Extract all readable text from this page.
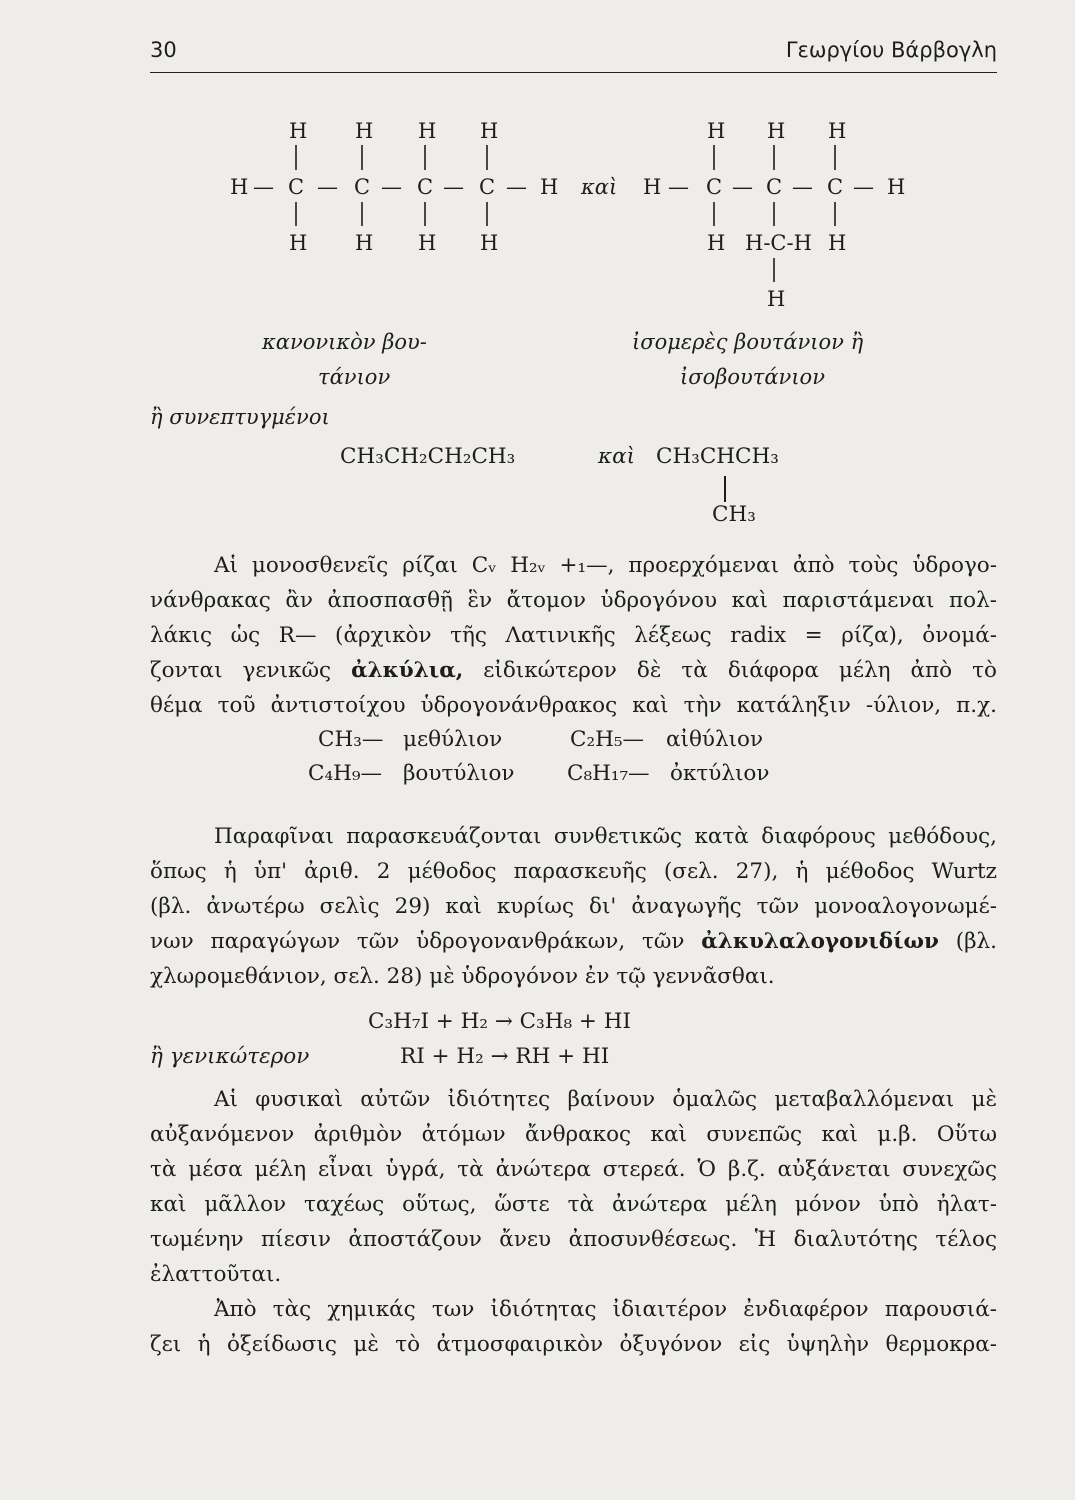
30	Γεωργίου Βάρβογλη
H H H H
H — C — C — C — C — H
H H H H
καὶ
H H H
H — C — C — C — H
H H-C-H H
H
κανονικὸν βου-
τάνιον
ἰσομερὲς βουτάνιον ἢ
ἰσοβουτάνιον
ἢ συνεπτυγμένοι
CH₃CH₂CH₂CH₃	καὶ CH₃CHCH₃
CH₃
Αἱ μονοσθενεῖς ρίζαι Cᵥ H₂ᵥ +₁—, προερχόμεναι ἀπὸ τοὺς ὑδρογο-
νάνθρακας ἂν ἀποσπασθῇ ἓν ἄτομον ὑδρογόνου καὶ παριστάμεναι πολ-
λάκις ὡς R— (ἀρχικὸν τῆς Λατινικῆς λέξεως radix = ρίζα), ὀνομά-
ζονται γενικῶς ἀλκύλια, εἰδικώτερον δὲ τὰ διάφορα μέλη ἀπὸ τὸ
θέμα τοῦ ἀντιστοίχου ὑδρογονάνθρακος καὶ τὴν κατάληξιν -ύλιον, π.χ.
CH₃— μεθύλιον	C₂H₅— αἰθύλιον
C₄H₉— βουτύλιον C₈H₁₇— ὀκτύλιον
Παραφῖναι παρασκευάζονται συνθετικῶς κατὰ διαφόρους μεθόδους,
ὅπως ἡ ὑπ' ἀριθ. 2 μέθοδος παρασκευῆς (σελ. 27), ἡ μέθοδος Wurtz
(βλ. ἀνωτέρω σελὶς 29) καὶ κυρίως δι' ἀναγωγῆς τῶν μονοαλογονωμέ-
νων παραγώγων τῶν ὑδρογονανθράκων, τῶν ἀλκυλαλογονιδίων (βλ.
χλωρομεθάνιον, σελ. 28) μὲ ὑδρογόνον ἐν τῷ γεννᾶσθαι.
C₃H₇I + H₂ → C₃H₈ + HI
ἢ γενικώτερον	RI + H₂ → RH + HI
Αἱ φυσικαὶ αὐτῶν ἰδιότητες βαίνουν ὁμαλῶς μεταβαλλόμεναι μὲ
αὐξανόμενον ἀριθμὸν ἀτόμων ἄνθρακος καὶ συνεπῶς καὶ μ.β. Οὕτω
τὰ μέσα μέλη εἶναι ὑγρά, τὰ ἀνώτερα στερεά. Ὁ β.ζ. αὐξάνεται συνεχῶς
καὶ μᾶλλον ταχέως οὕτως, ὥστε τὰ ἀνώτερα μέλη μόνον ὑπὸ ἠλατ-
τωμένην πίεσιν ἀποστάζουν ἄνευ ἀποσυνθέσεως. Ἡ διαλυτότης τέλος
ἐλαττοῦται.
Ἀπὸ τὰς χημικάς των ἰδιότητας ἰδιαιτέρον ἐνδιαφέρον παρουσιά-
ζει ἡ ὀξείδωσις μὲ τὸ ἀτμοσφαιρικὸν ὀξυγόνον εἰς ὑψηλὴν θερμοκρα-
